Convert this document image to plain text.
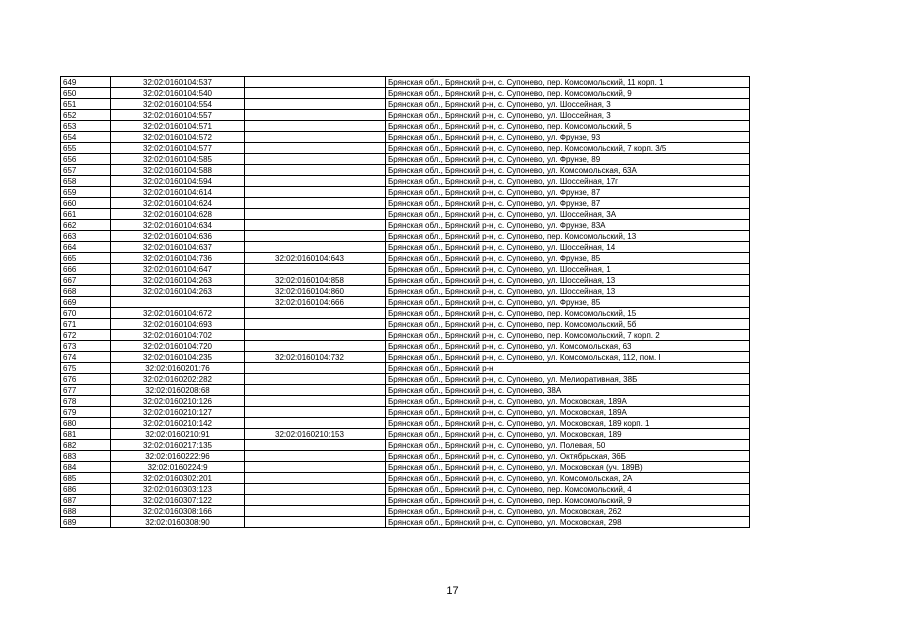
649	32:02:0160104:537		Брянская обл., Брянский р-н, с. Супонево, пер. Комсомольский, 11 корп. 1
650	32:02:0160104:540		Брянская обл., Брянский р-н, с. Супонево, пер. Комсомольский, 9
651	32:02:0160104:554		Брянская обл., Брянский р-н, с. Супонево, ул. Шоссейная, 3
652	32:02:0160104:557		Брянская обл., Брянский р-н, с. Супонево, ул. Шоссейная, 3
653	32:02:0160104:571		Брянская обл., Брянский р-н, с. Супонево, пер. Комсомольский, 5
654	32:02:0160104:572		Брянская обл., Брянский р-н, с. Супонево, ул. Фрунзе, 93
655	32:02:0160104:577		Брянская обл., Брянский р-н, с. Супонево, пер. Комсомольский, 7 корп. 3/5
656	32:02:0160104:585		Брянская обл., Брянский р-н, с. Супонево, ул. Фрунзе, 89
657	32:02:0160104:588		Брянская обл., Брянский р-н, с. Супонево, ул. Комсомольская, 63А
658	32:02:0160104:594		Брянская обл., Брянский р-н, с. Супонево, ул. Шоссейная, 17г
659	32:02:0160104:614		Брянская обл., Брянский р-н, с. Супонево, ул. Фрунзе, 87
660	32:02:0160104:624		Брянская обл., Брянский р-н, с. Супонево, ул. Фрунзе, 87
661	32:02:0160104:628		Брянская обл., Брянский р-н, с. Супонево, ул. Шоссейная, 3А
662	32:02:0160104:634		Брянская обл., Брянский р-н, с. Супонево, ул. Фрунзе, 83А
663	32:02:0160104:636		Брянская обл., Брянский р-н, с. Супонево, пер. Комсомольский, 13
664	32:02:0160104:637		Брянская обл., Брянский р-н, с. Супонево, ул. Шоссейная, 14
665	32:02:0160104:736	32:02:0160104:643	Брянская обл., Брянский р-н, с. Супонево, ул. Фрунзе, 85
666	32:02:0160104:647		Брянская обл., Брянский р-н, с. Супонево, ул. Шоссейная, 1
667	32:02:0160104:263	32:02:0160104:858	Брянская обл., Брянский р-н, с. Супонево, ул. Шоссейная, 13
668	32:02:0160104:263	32:02:0160104:860	Брянская обл., Брянский р-н, с. Супонево, ул. Шоссейная, 13
669		32:02:0160104:666	Брянская обл., Брянский р-н, с. Супонево, ул. Фрунзе, 85
670	32:02:0160104:672		Брянская обл., Брянский р-н, с. Супонево, пер. Комсомольский, 15
671	32:02:0160104:693		Брянская обл., Брянский р-н, с. Супонево, пер. Комсомольский, 5б
672	32:02:0160104:702		Брянская обл., Брянский р-н, с. Супонево, пер. Комсомольский, 7 корп. 2
673	32:02:0160104:720		Брянская обл., Брянский р-н, с. Супонево, ул. Комсомольская, 63
674	32:02:0160104:235	32:02:0160104:732	Брянская обл., Брянский р-н, с. Супонево, ул. Комсомольская, 112, пом. I
675	32:02:0160201:76		Брянская обл., Брянский р-н
676	32:02:0160202:282		Брянская обл., Брянский р-н, с. Супонево, ул. Мелиоративная, 38Б
677	32:02:0160208:68		Брянская обл., Брянский р-н, с. Супонево, 38А
678	32:02:0160210:126		Брянская обл., Брянский р-н, с. Супонево, ул. Московская, 189А
679	32:02:0160210:127		Брянская обл., Брянский р-н, с. Супонево, ул. Московская, 189А
680	32:02:0160210:142		Брянская обл., Брянский р-н, с. Супонево, ул. Московская, 189 корп. 1
681	32:02:0160210:91	32:02:0160210:153	Брянская обл., Брянский р-н, с. Супонево, ул. Московская, 189
682	32:02:0160217:135		Брянская обл., Брянский р-н, с. Супонево, ул. Полевая, 50
683	32:02:0160222:96		Брянская обл., Брянский р-н, с. Супонево, ул. Октябрьская, 36Б
684	32:02:0160224:9		Брянская обл., Брянский р-н, с. Супонево, ул. Московская (уч. 189В)
685	32:02:0160302:201		Брянская обл., Брянский р-н, с. Супонево, ул. Комсомольская, 2А
686	32:02:0160303:123		Брянская обл., Брянский р-н, с. Супонево, пер. Комсомольский, 4
687	32:02:0160307:122		Брянская обл., Брянский р-н, с. Супонево, пер. Комсомольский, 9
688	32:02:0160308:166		Брянская обл., Брянский р-н, с. Супонево, ул. Московская, 262
689	32:02:0160308:90		Брянская обл., Брянский р-н, с. Супонево, ул. Московская, 298
17
